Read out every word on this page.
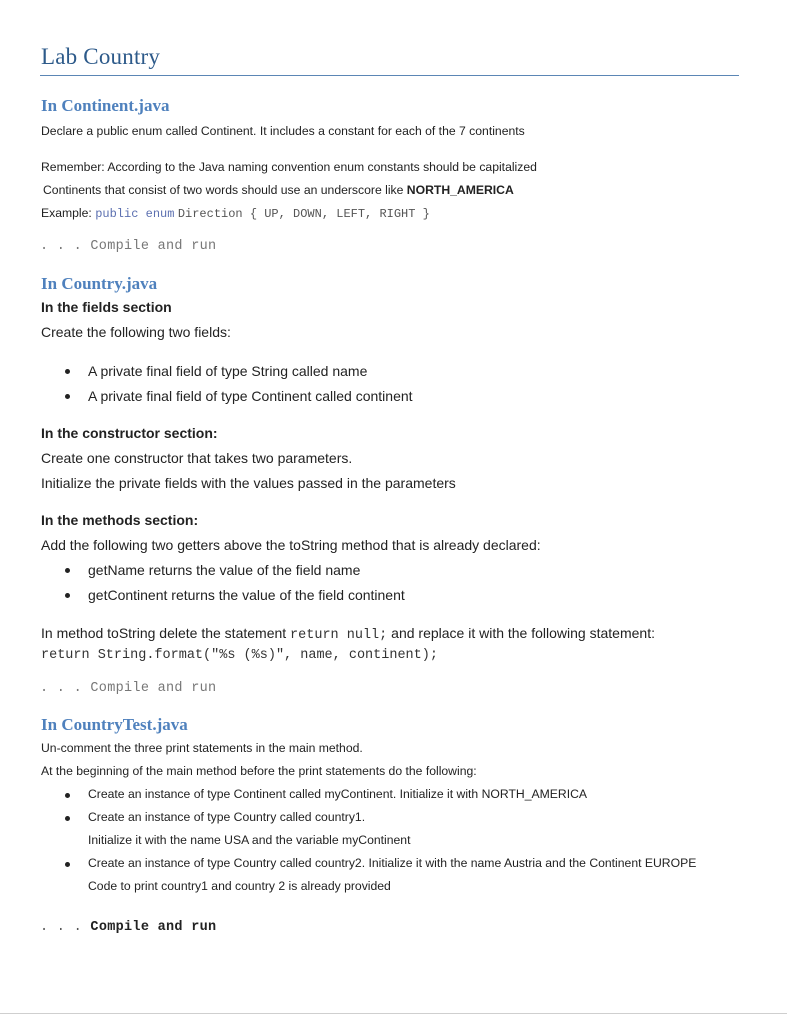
Lab Country
In Continent.java
Declare a public enum called Continent. It includes a constant for each of the 7 continents
Remember: According to the Java naming convention enum constants should be capitalized
Continents that consist of two words should use an underscore like NORTH_AMERICA
Example: public enum Direction { UP, DOWN, LEFT, RIGHT }
. . . Compile and run
In Country.java
In the fields section
Create the following two fields:
A private final field of type String called name
A private final field of type Continent called continent
In the constructor section:
Create one constructor that takes two parameters.
Initialize the private fields with the values passed in the parameters
In the methods section:
Add the following two getters above the toString method that is already declared:
getName returns the value of the field name
getContinent returns the value of the field continent
In method toString delete the statement return null; and replace it with the following statement:
return String.format("%s (%s)", name, continent);
. . . Compile and run
In CountryTest.java
Un-comment the three print statements in the main method.
At the beginning of the main method before the print statements do the following:
Create an instance of type Continent called myContinent. Initialize it with NORTH_AMERICA
Create an instance of type Country called country1.
Initialize it with the name USA and the variable myContinent
Create an instance of type Country called country2. Initialize it with the name Austria and the Continent EUROPE
Code to print country1 and country 2 is already provided
. . . Compile and run
